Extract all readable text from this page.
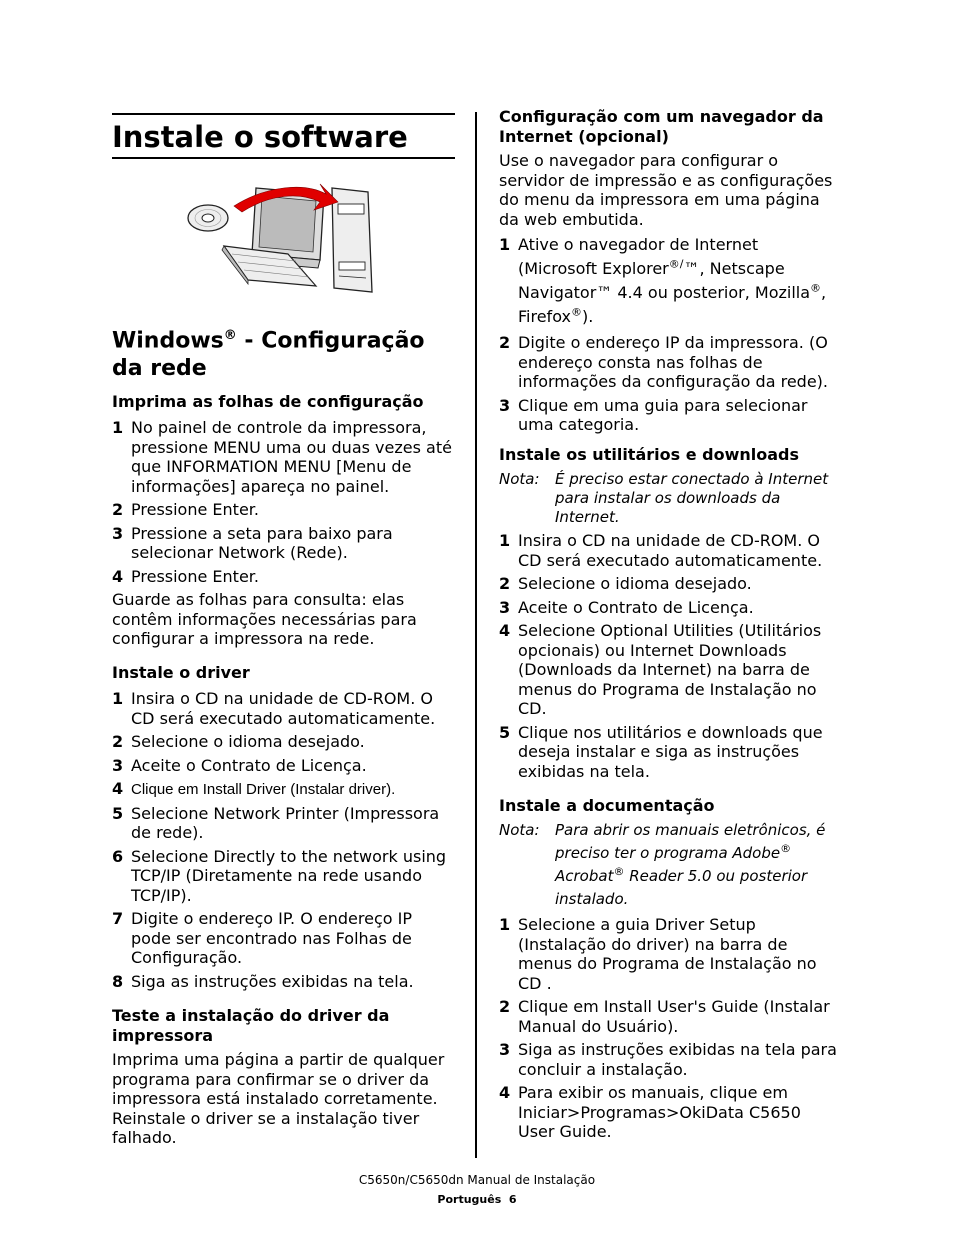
Instale o software
Windows® - Configuração da rede
Imprima as folhas de configuração

1 No painel de controle da impressora, pressione MENU uma ou duas vezes até que INFORMATION MENU [Menu de informações] apareça no painel.

2 Pressione Enter.

3 Pressione a seta para baixo para selecionar Network (Rede).

4 Pressione Enter.

Guarde as folhas para consulta: elas contêm informações necessárias para configurar a impressora na rede.

Instale o driver

1 Insira o CD na unidade de CD-ROM. O CD será executado automaticamente.

2 Selecione o idioma desejado.

3 Aceite o Contrato de Licença.

4 Clique em Install Driver (Instalar driver).

5 Selecione Network Printer (Impressora de rede).

6 Selecione Directly to the network using TCP/IP (Diretamente na rede usando TCP/IP).

7 Digite o endereço IP. O endereço IP pode ser encontrado nas Folhas de Configuração.

8 Siga as instruções exibidas na tela.

Teste a instalação do driver da impressora

Imprima uma página a partir de qualquer programa para confirmar se o driver da impressora está instalado corretamente. Reinstale o driver se a instalação tiver falhado.

Configuração com um navegador da Internet (opcional)

Use o navegador para configurar o servidor de impressão e as configurações do menu da impressora em uma página da web embutida.

1 Ative o navegador de Internet (Microsoft Explorer®/™, Netscape Navigator™ 4.4 ou posterior, Mozilla®, Firefox®).

2 Digite o endereço IP da impressora. (O endereço consta nas folhas de informações da configuração da rede).

3 Clique em uma guia para selecionar uma categoria.

Instale os utilitários e downloads

Nota: É preciso estar conectado à Internet para instalar os downloads da Internet.

1 Insira o CD na unidade de CD-ROM. O CD será executado automaticamente.

2 Selecione o idioma desejado.

3 Aceite o Contrato de Licença.

4 Selecione Optional Utilities (Utilitários opcionais) ou Internet Downloads (Downloads da Internet) na barra de menus do Programa de Instalação no CD.

5 Clique nos utilitários e downloads que deseja instalar e siga as instruções exibidas na tela.

Instale a documentação

Nota: Para abrir os manuais eletrônicos, é preciso ter o programa Adobe® Acrobat® Reader 5.0 ou posterior instalado.

1 Selecione a guia Driver Setup (Instalação do driver) na barra de menus do Programa de Instalação no CD .

2 Clique em Install User's Guide (Instalar Manual do Usuário).

3 Siga as instruções exibidas na tela para concluir a instalação.

4 Para exibir os manuais, clique em Iniciar>Programas>OkiData C5650 User Guide.

C5650n/C5650dn Manual de Instalação
Português  6
